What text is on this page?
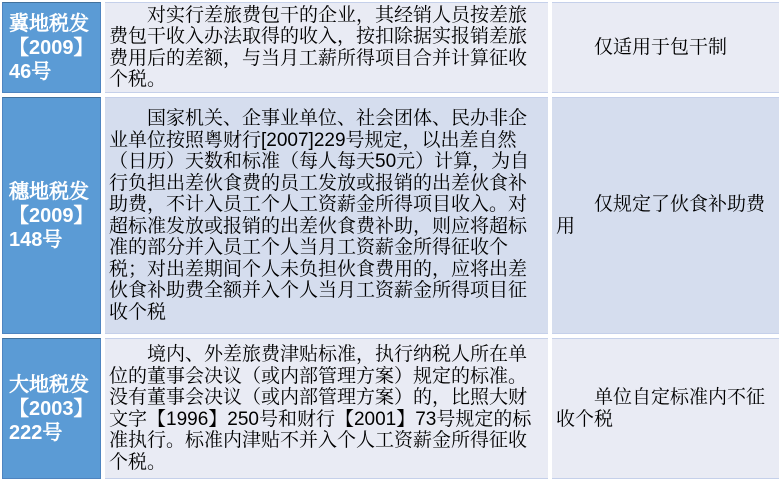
冀地税发【2009】46号	对实行差旅费包干的企业，其经销人员按差旅费包干收入办法取得的收入，按扣除据实报销差旅费用后的差额，与当月工薪所得项目合并计算征收个税。	仅适用于包干制

穗地税发【2009】148号	国家机关、企事业单位、社会团体、民办非企业单位按照粤财行[2007]229号规定，以出差自然（日历）天数和标准（每人每天50元）计算，为自行负担出差伙食费的员工发放或报销的出差伙食补助费，不计入员工个人工资薪金所得项目收入。对超标准发放或报销的出差伙食费补助，则应将超标准的部分并入员工个人当月工资薪金所得征收个税；对出差期间个人未负担伙食费用的，应将出差伙食补助费全额并入个人当月工资薪金所得项目征收个税	仅规定了伙食补助费用

大地税发【2003】222号	境内、外差旅费津贴标准，执行纳税人所在单位的董事会决议（或内部管理方案）规定的标准。没有董事会决议（或内部管理方案）的，比照大财文字【1996】250号和财行【2001】73号规定的标准执行。标准内津贴不并入个人工资薪金所得征收个税。	单位自定标准内不征收个税
